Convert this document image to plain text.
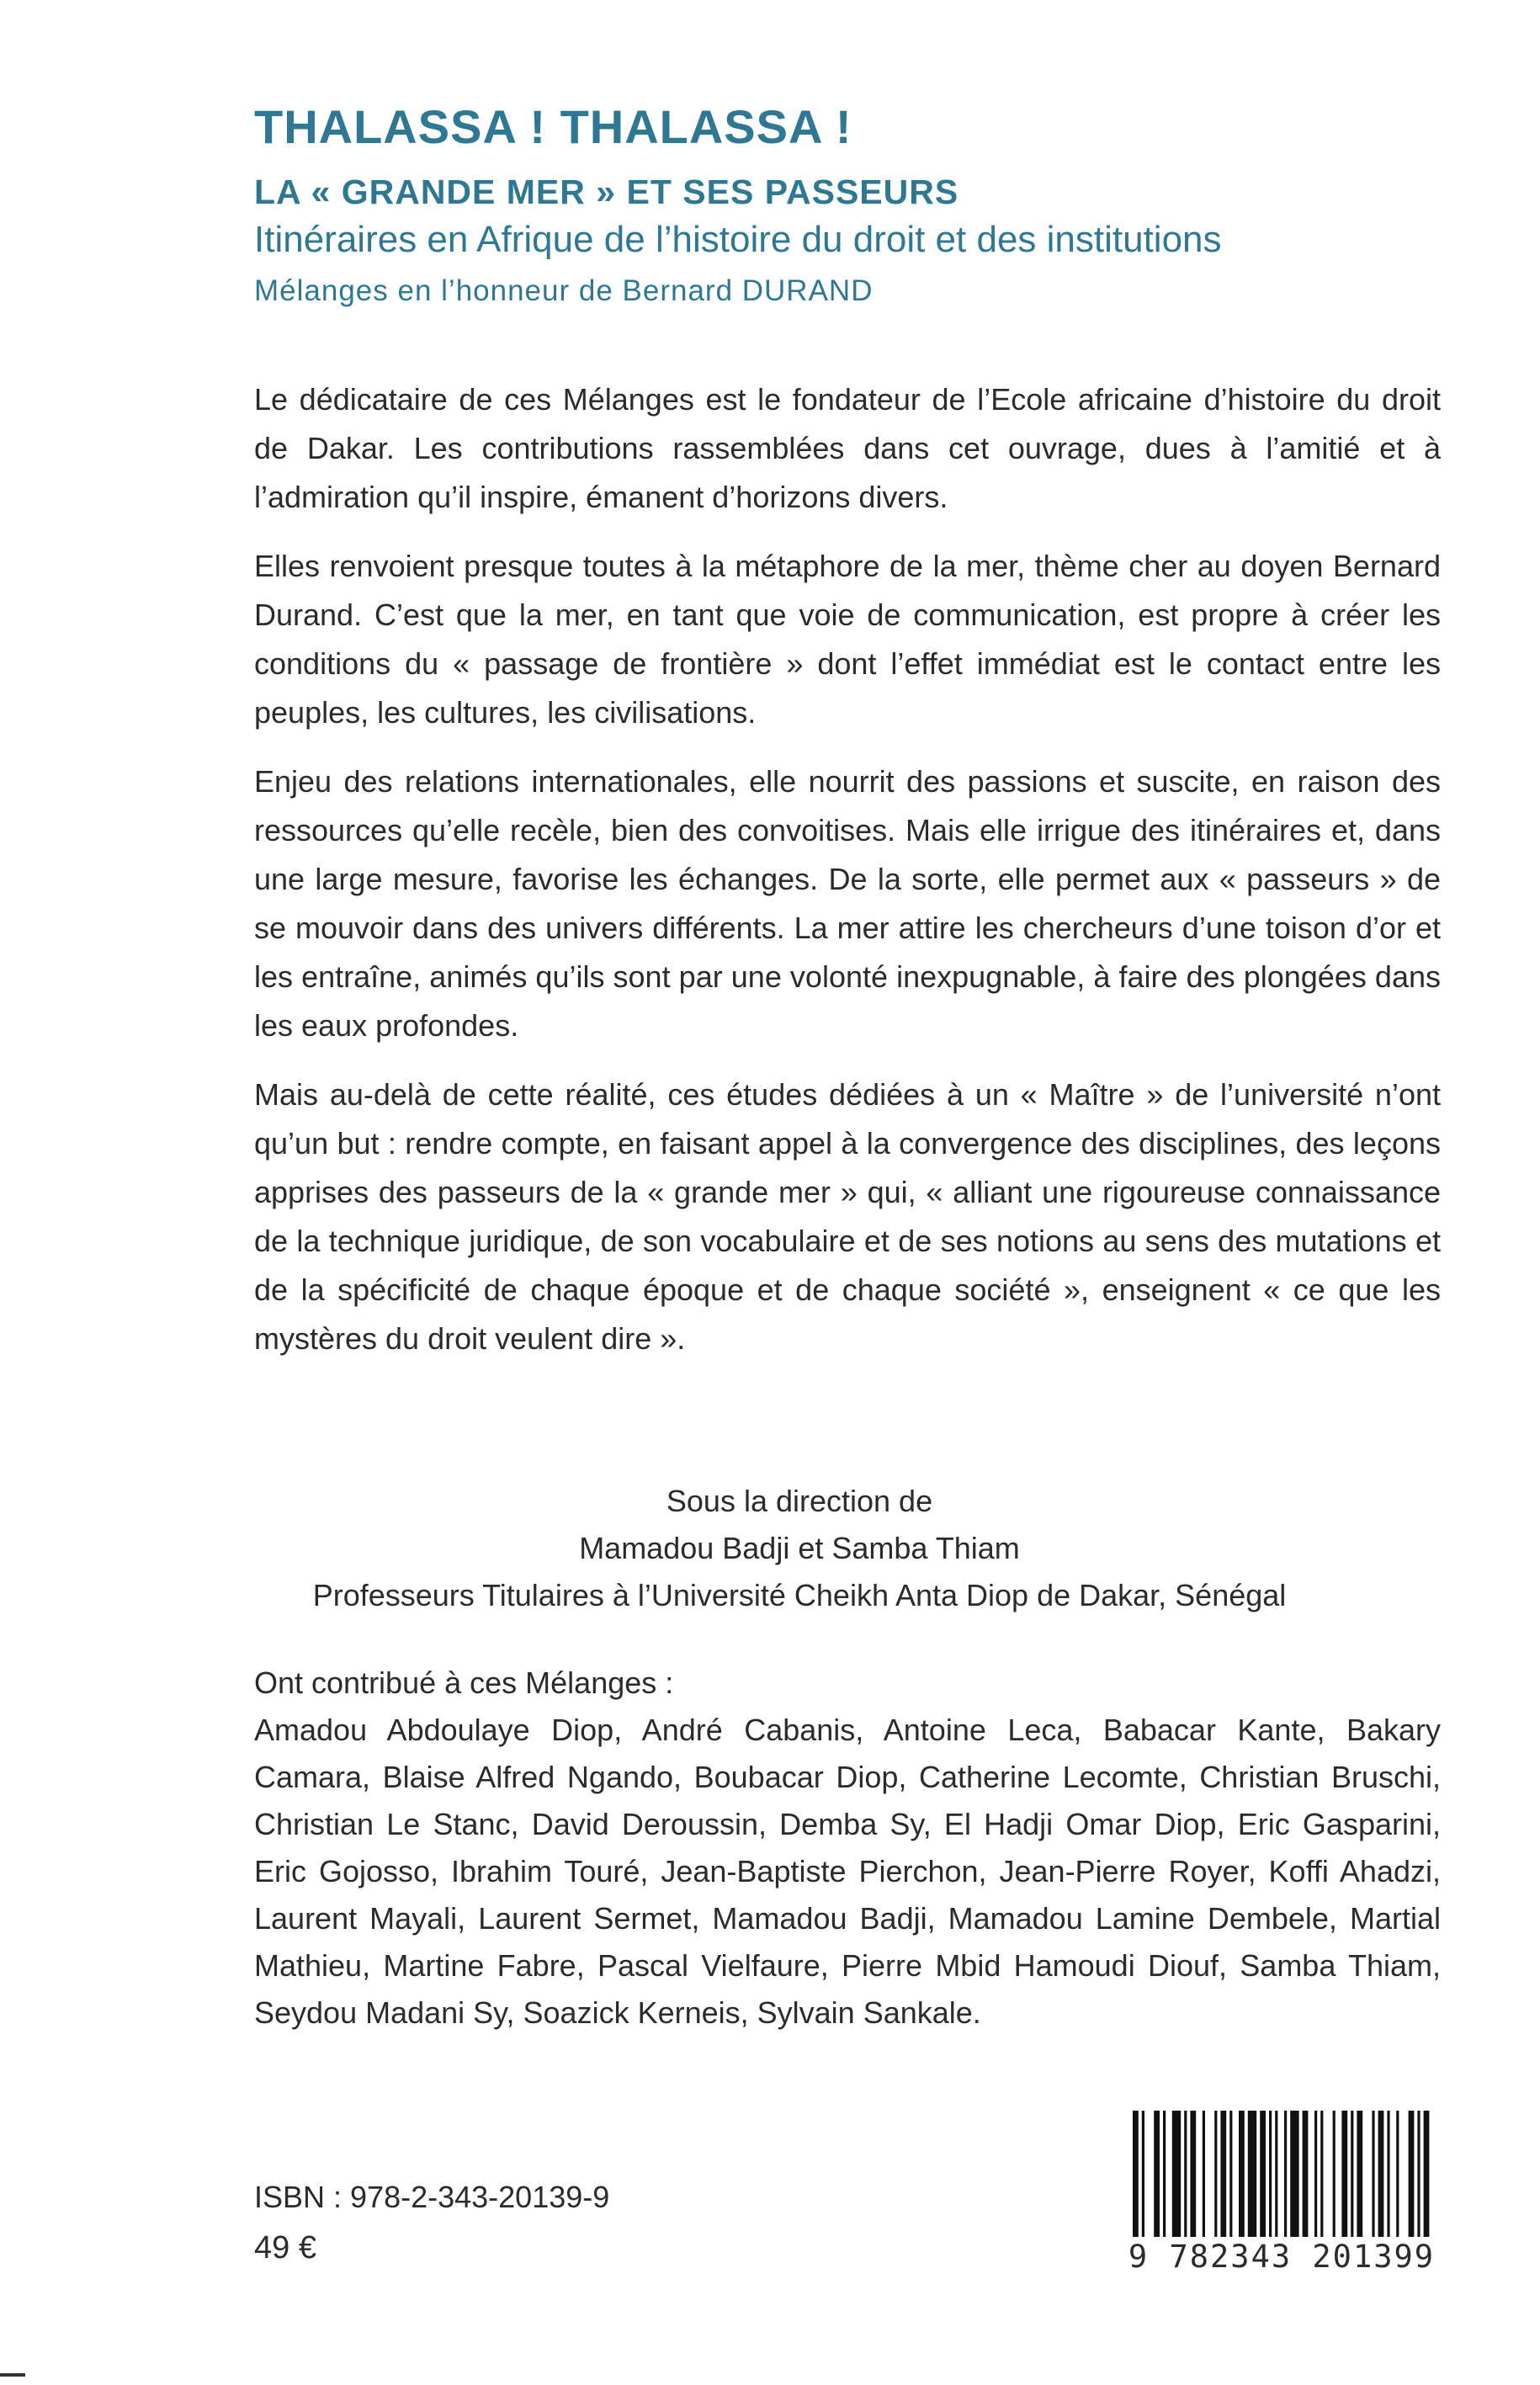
THALASSA ! THALASSA !
LA « GRANDE MER » ET SES PASSEURS
Itinéraires en Afrique de l’histoire du droit et des institutions
Mélanges en l’honneur de Bernard DURAND

Le dédicataire de ces Mélanges est le fondateur de l’Ecole africaine d’histoire du droit de Dakar. Les contributions rassemblées dans cet ouvrage, dues à l’amitié et à l’admiration qu’il inspire, émanent d’horizons divers.

Elles renvoient presque toutes à la métaphore de la mer, thème cher au doyen Bernard Durand. C’est que la mer, en tant que voie de communication, est propre à créer les conditions du « passage de frontière » dont l’effet immédiat est le contact entre les peuples, les cultures, les civilisations.

Enjeu des relations internationales, elle nourrit des passions et suscite, en raison des ressources qu’elle recèle, bien des convoitises. Mais elle irrigue des itinéraires et, dans une large mesure, favorise les échanges. De la sorte, elle permet aux « passeurs » de se mouvoir dans des univers différents. La mer attire les chercheurs d’une toison d’or et les entraîne, animés qu’ils sont par une volonté inexpugnable, à faire des plongées dans les eaux profondes.

Mais au-delà de cette réalité, ces études dédiées à un « Maître » de l’université n’ont qu’un but : rendre compte, en faisant appel à la convergence des disciplines, des leçons apprises des passeurs de la « grande mer » qui, « alliant une rigoureuse connaissance de la technique juridique, de son vocabulaire et de ses notions au sens des mutations et de la spécificité de chaque époque et de chaque société », enseignent « ce que les mystères du droit veulent dire ».

Sous la direction de
Mamadou Badji et Samba Thiam
Professeurs Titulaires à l’Université Cheikh Anta Diop de Dakar, Sénégal
Ont contribué à ces Mélanges :
Amadou Abdoulaye Diop, André Cabanis, Antoine Leca, Babacar Kante, Bakary Camara, Blaise Alfred Ngando, Boubacar Diop, Catherine Lecomte, Christian Bruschi, Christian Le Stanc, David Deroussin, Demba Sy, El Hadji Omar Diop, Eric Gasparini, Eric Gojosso, Ibrahim Touré, Jean-Baptiste Pierchon, Jean-Pierre Royer, Koffi Ahadzi, Laurent Mayali, Laurent Sermet, Mamadou Badji, Mamadou Lamine Dembele, Martial Mathieu, Martine Fabre, Pascal Vielfaure, Pierre Mbid Hamoudi Diouf, Samba Thiam, Seydou Madani Sy, Soazick Kerneis, Sylvain Sankale.
ISBN : 978-2-343-20139-9
49 €	9 782343 201399
